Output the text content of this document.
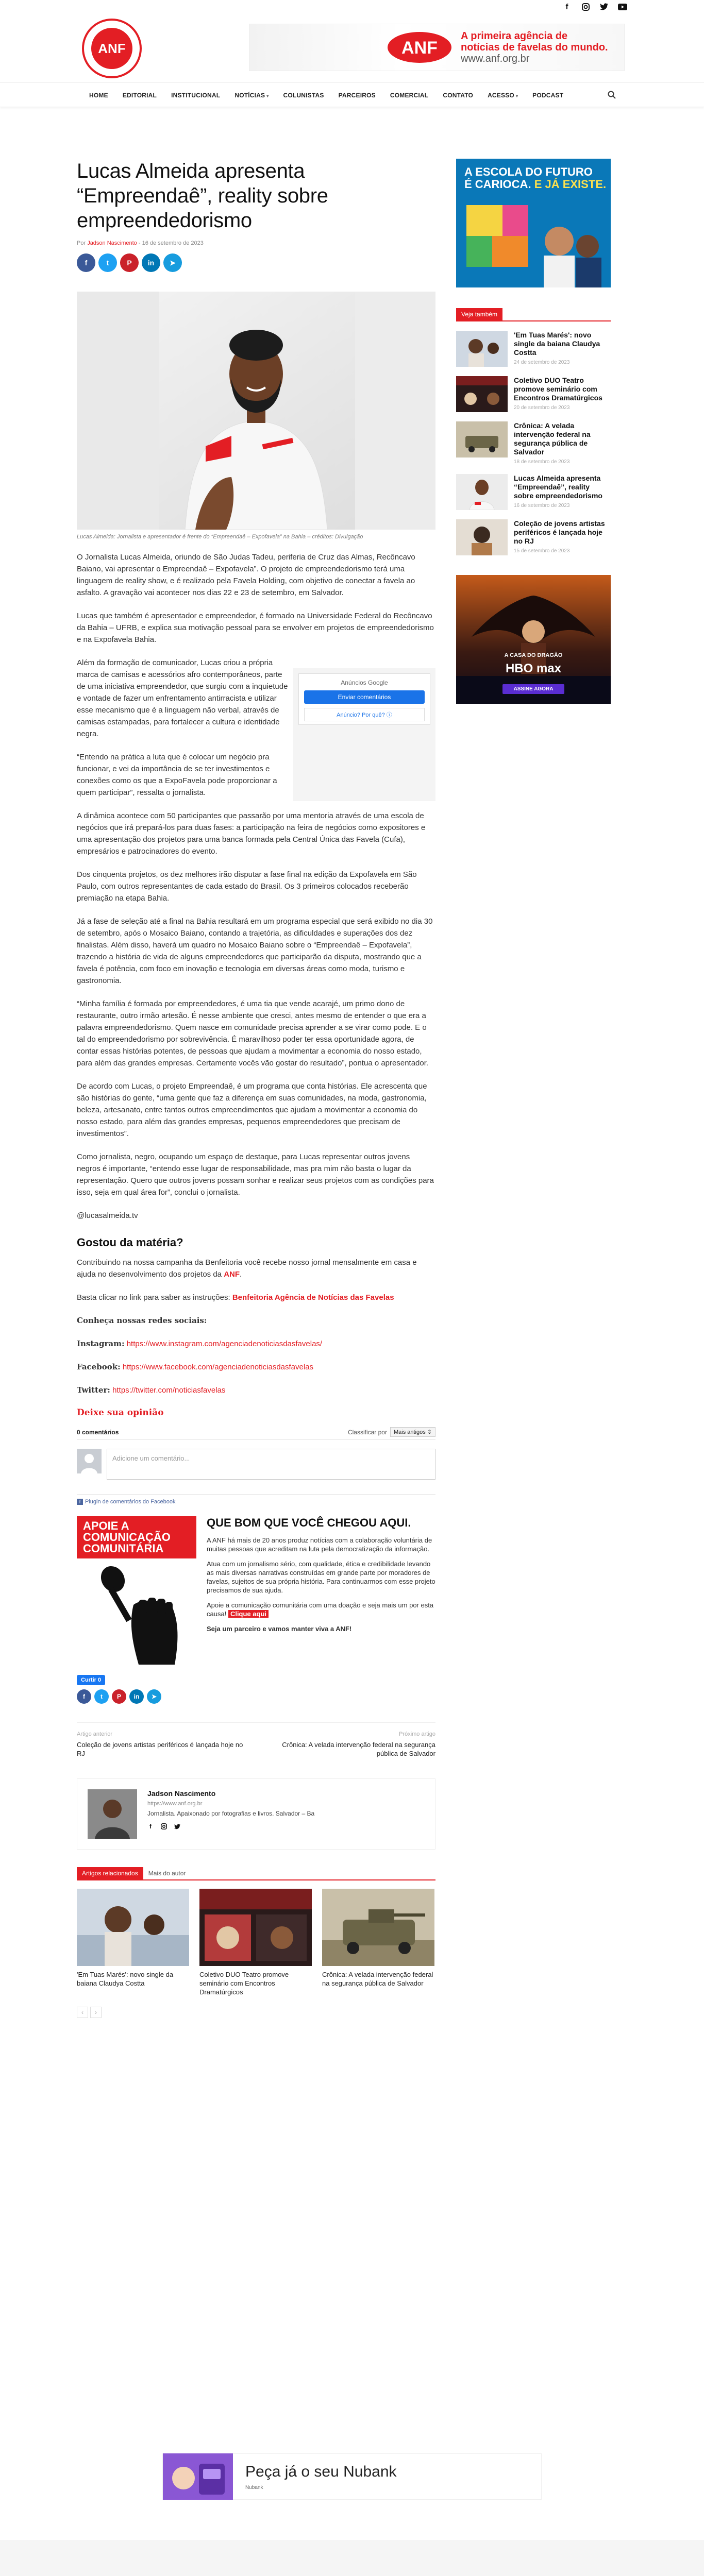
f
ANF	ANF
A primeira agência de
notícias de favelas do mundo.
www.anf.org.br
HOME	EDITORIAL	INSTITUCIONAL	NOTÍCIAS ▾	COLUNISTAS	PARCEIROS	COMERCIAL	CONTATO	ACESSO ▾	PODCAST
Lucas Almeida apresenta “Empreendaê”, reality sobre empreendedorismo
Por Jadson Nascimento - 16 de setembro de 2023
f	t	P in ➤
Lucas Almeida: Jornalista e apresentador é frente do “Empreendaê – Expofavela” na Bahia – créditos: Divulgação

O Jornalista Lucas Almeida, oriundo de São Judas Tadeu, periferia de Cruz das Almas, Recôncavo Baiano, vai apresentar o Empreendaê – Expofavela”. O projeto de empreendedorismo terá uma linguagem de reality show, e é realizado pela Favela Holding, com objetivo de conectar a favela ao asfalto. A gravação vai acontecer nos dias 22 e 23 de setembro, em Salvador.

Lucas que também é apresentador e empreendedor, é formado na Universidade Federal do Recôncavo da Bahia – UFRB, e explica sua motivação pessoal para se envolver em projetos de empreendedorismo e na Expofavela Bahia.

Além da formação de comunicador, Lucas criou a própria marca de camisas e acessórios afro contemporâneos, parte de uma iniciativa empreendedor, que surgiu com a inquietude e vontade de fazer um enfrentamento antirracista e utilizar esse mecanismo que é a linguagem não verbal, através de camisas estampadas, para fortalecer a cultura e identidade negra.

Anúncios Google
Enviar comentários
Anúncio? Por quê? ⓘ

“Entendo na prática a luta que é colocar um negócio pra funcionar, e vei da importância de se ter investimentos e conexões como os que a ExpoFavela pode proporcionar a quem participar”, ressalta o jornalista.

A dinâmica acontece com 50 participantes que passarão por uma mentoria através de uma escola de negócios que irá prepará-los para duas fases: a participação na feira de negócios como expositores e uma apresentação dos projetos para uma banca formada pela Central Única das Favela (Cufa), empresários e patrocinadores do evento.

Dos cinquenta projetos, os dez melhores irão disputar a fase final na edição da Expofavela em São Paulo, com outros representantes de cada estado do Brasil. Os 3 primeiros colocados receberão premiação na etapa Bahia.

Já a fase de seleção até a final na Bahia resultará em um programa especial que será exibido no dia 30 de setembro, após o Mosaico Baiano, contando a trajetória, as dificuldades e superações dos dez finalistas. Além disso, haverá um quadro no Mosaico Baiano sobre o “Empreendaê – Expofavela”, trazendo a história de vida de alguns empreendedores que participarão da disputa, mostrando que a favela é potência, com foco em inovação e tecnologia em diversas áreas como moda, turismo e gastronomia.

“Minha família é formada por empreendedores, é uma tia que vende acarajé, um primo dono de restaurante, outro irmão artesão. É nesse ambiente que cresci, antes mesmo de entender o que era a palavra empreendedorismo. Quem nasce em comunidade precisa aprender a se virar como pode. E o tal do empreendedorismo por sobrevivência. É maravilhoso poder ter essa oportunidade agora, de contar essas histórias potentes, de pessoas que ajudam a movimentar a economia do nosso estado, para além das grandes empresas. Certamente vocês vão gostar do resultado”, pontua o apresentador.

De acordo com Lucas, o projeto Empreendaê, é um programa que conta histórias. Ele acrescenta que são histórias do gente, “uma gente que faz a diferença em suas comunidades, na moda, gastronomia, beleza, artesanato, entre tantos outros empreendimentos que ajudam a movimentar a economia do nosso estado, para além das grandes empresas, pequenos empreendedores que precisam de investimentos”.

Como jornalista, negro, ocupando um espaço de destaque, para Lucas representar outros jovens negros é importante, “entendo esse lugar de responsabilidade, mas pra mim não basta o lugar da representação. Quero que outros jovens possam sonhar e realizar seus projetos com as condições para isso, seja em qual área for”, conclui o jornalista.

@lucasalmeida.tv

Gostou da matéria?

Contribuindo na nossa campanha da Benfeitoria você recebe nosso jornal mensalmente em casa e ajuda no desenvolvimento dos projetos da ANF.

Basta clicar no link para saber as instruções: Benfeitoria Agência de Notícias das Favelas

Conheça nossas redes sociais:

Instagram: https://www.instagram.com/agenciadenoticiasdasfavelas/

Facebook: https://www.facebook.com/agenciadenoticiasdasfavelas

Twitter: https://twitter.com/noticiasfavelas

Deixe sua opinião
0 comentários	Classificar por	Mais antigos ⇕
Adicione um comentário...
f Plugin de comentários do Facebook
APOIE A
COMUNICAÇÃO
COMUNITÁRIA
QUE BOM QUE VOCÊ CHEGOU AQUI.

A ANF há mais de 20 anos produz notícias com a colaboração voluntária de muitas pessoas que acreditam na luta pela democratização da informação.

Atua com um jornalismo sério, com qualidade, ética e credibilidade levando as mais diversas narrativas construídas em grande parte por moradores de favelas, sujeitos de sua própria história. Para continuarmos com esse projeto precisamos de sua ajuda.

Apoie a comunicação comunitária com uma doação e seja mais um por esta causa! Clique aqui

Seja um parceiro e vamos manter viva a ANF!

Curtir 0
f	t P in ➤
Artigo anterior
Coleção de jovens artistas periféricos é lançada hoje no RJ
Próximo artigo
Crônica: A velada intervenção federal na segurança pública de Salvador
Jadson Nascimento
https://www.anf.org.br
Jornalista. Apaixonado por fotografias e livros. Salvador – Ba
f
Artigos relacionados	Mais do autor
'Em Tuas Marés': novo single da baiana Claudya Costta
Coletivo DUO Teatro promove seminário com Encontros Dramatúrgicos
Crônica: A velada intervenção federal na segurança pública de Salvador
‹	›
A ESCOLA DO FUTURO
É CARIOCA. E JÁ EXISTE.
Veja também
'Em Tuas Marés': novo single da baiana Claudya Costta
24 de setembro de 2023
Coletivo DUO Teatro promove seminário com Encontros Dramatúrgicos
20 de setembro de 2023
Crônica: A velada intervenção federal na segurança pública de Salvador
18 de setembro de 2023
Lucas Almeida apresenta “Empreendaê”, reality sobre empreendedorismo
16 de setembro de 2023
Coleção de jovens artistas periféricos é lançada hoje no RJ
15 de setembro de 2023
A CASA DO DRAGÃO
HBO max
ASSINE AGORA
Peça já o seu Nubank
Nubank
